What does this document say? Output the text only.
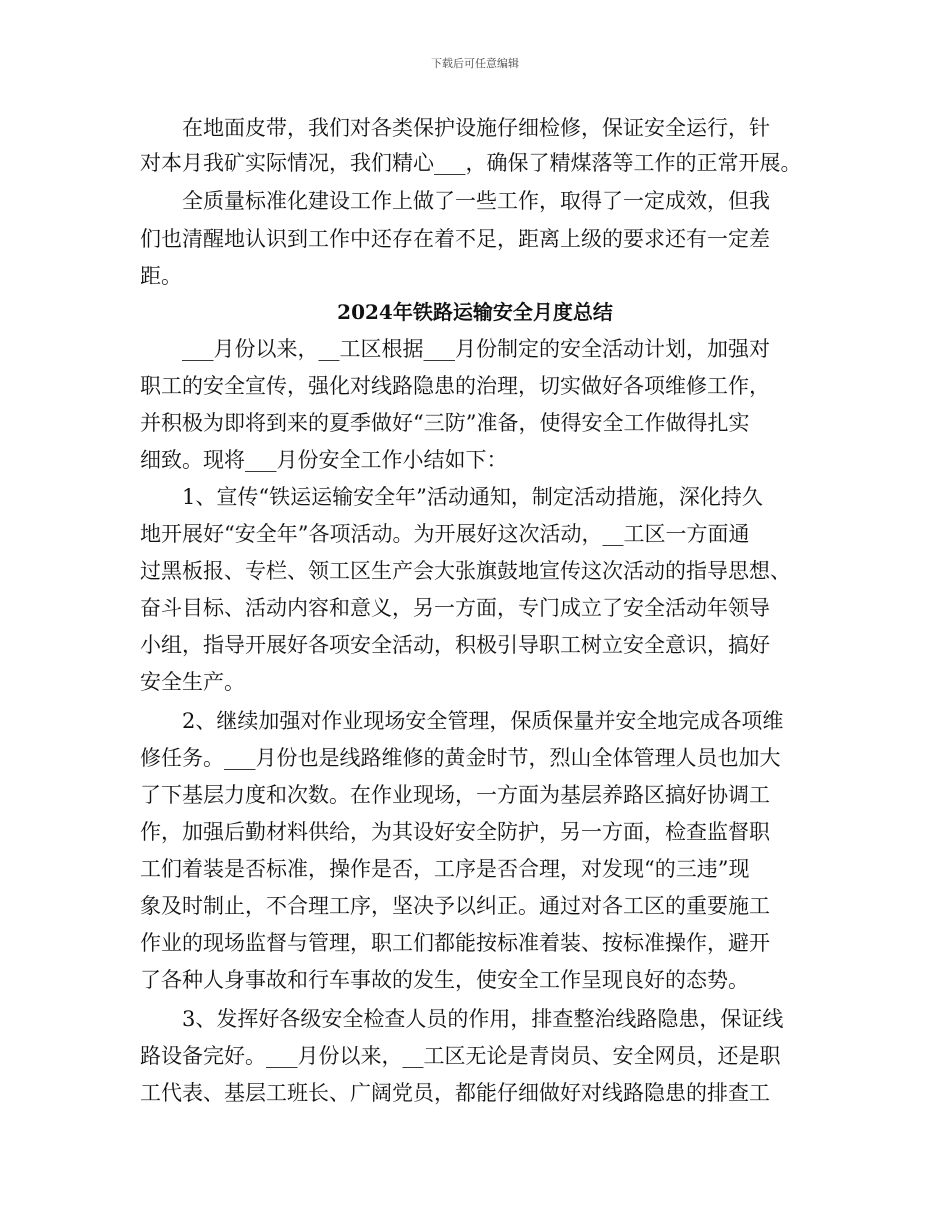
下载后可任意编辑
　　在地面皮带，我们对各类保护设施仔细检修，保证安全运行，针
对本月我矿实际情况，我们精心___，确保了精煤落等工作的正常开展。
　　全质量标准化建设工作上做了一些工作，取得了一定成效，但我
们也清醒地认识到工作中还存在着不足，距离上级的要求还有一定差
距。
2024年铁路运输安全月度总结
　　___月份以来，__工区根据___月份制定的安全活动计划，加强对
职工的安全宣传，强化对线路隐患的治理，切实做好各项维修工作，
并积极为即将到来的夏季做好“三防”准备，使得安全工作做得扎实
细致。现将___月份安全工作小结如下：
　　1、宣传“铁运运输安全年”活动通知，制定活动措施，深化持久
地开展好“安全年”各项活动。为开展好这次活动，__工区一方面通
过黑板报、专栏、领工区生产会大张旗鼓地宣传这次活动的指导思想、
奋斗目标、活动内容和意义，另一方面，专门成立了安全活动年领导
小组，指导开展好各项安全活动，积极引导职工树立安全意识，搞好
安全生产。
　　2、继续加强对作业现场安全管理，保质保量并安全地完成各项维
修任务。___月份也是线路维修的黄金时节，烈山全体管理人员也加大
了下基层力度和次数。在作业现场，一方面为基层养路区搞好协调工
作，加强后勤材料供给，为其设好安全防护，另一方面，检查监督职
工们着装是否标准，操作是否，工序是否合理，对发现“的三违”现
象及时制止，不合理工序，坚决予以纠正。通过对各工区的重要施工
作业的现场监督与管理，职工们都能按标准着装、按标准操作，避开
了各种人身事故和行车事故的发生，使安全工作呈现良好的态势。
　　3、发挥好各级安全检查人员的作用，排查整治线路隐患，保证线
路设备完好。___月份以来，__工区无论是青岗员、安全网员，还是职
工代表、基层工班长、广阔党员，都能仔细做好对线路隐患的排查工
